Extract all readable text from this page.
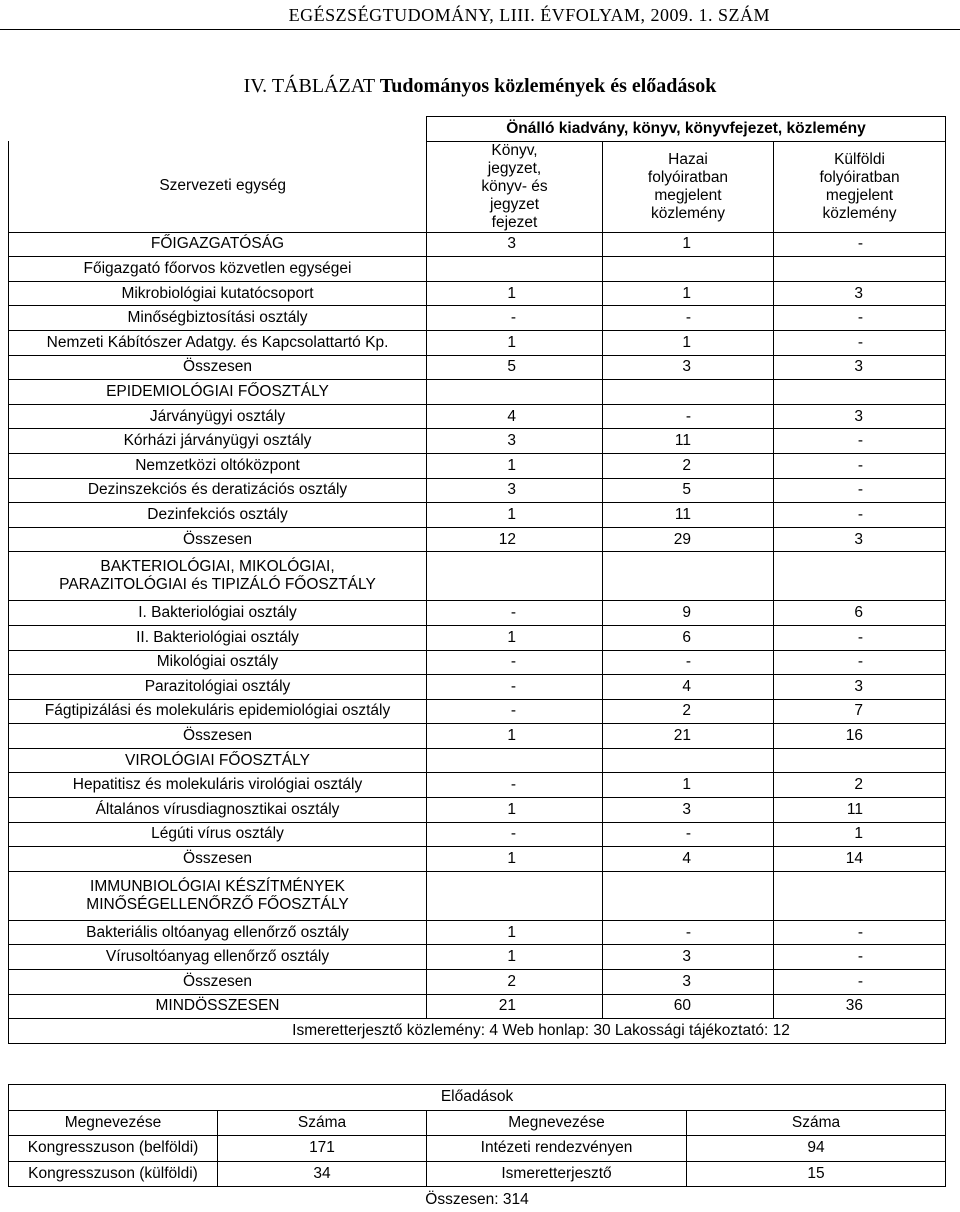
EGÉSZSÉGTUDOMÁNY, LIII. ÉVFOLYAM, 2009. 1. SZÁM
IV. TÁBLÁZAT Tudományos közlemények és előadások
	Önálló kiadvány, könyv, könyvfejezet, közlemény		
Szervezeti egység	Könyv, jegyzet, könyv- és jegyzet fejezet	Hazai folyóiratban megjelent közlemény	Külföldi folyóiratban megjelent közlemény
FŐIGAZGATÓSÁG	3	1	-
Főigazgató főorvos közvetlen egységei			
Mikrobiológiai kutatócsoport	1	1	3
Minőségbiztosítási osztály	-	-	-
Nemzeti Kábítószer Adatgy. és Kapcsolattartó Kp.	1	1	-
Összesen	5	3	3
EPIDEMIOLÓGIAI FŐOSZTÁLY			
Járványügyi osztály	4	-	3
Kórházi járványügyi osztály	3	11	-
Nemzetközi oltóközpont	1	2	-
Dezinszekciós és deratizációs osztály	3	5	-
Dezinfekciós osztály	1	11	-
Összesen	12	29	3
BAKTERIOLÓGIAI, MIKOLÓGIAI,
PARAZITOLÓGIAI és TIPIZÁLÓ FŐOSZTÁLY			
I. Bakteriológiai osztály	-	9	6
II. Bakteriológiai osztály	1	6	-
Mikológiai osztály	-	-	-
Parazitológiai osztály	-	4	3
Fágtipizálási és molekuláris epidemiológiai osztály	-	2	7
Összesen	1	21	16
VIROLÓGIAI FŐOSZTÁLY			
Hepatitisz és molekuláris virológiai osztály	-	1	2
Általános vírusdiagnosztikai osztály	1	3	11
Légúti vírus osztály	-	-	1
Összesen	1	4	14
IMMUNBIOLÓGIAI KÉSZÍTMÉNYEK
MINŐSÉGELLENŐRZŐ FŐOSZTÁLY			
Bakteriális oltóanyag ellenőrző osztály	1	-	-
Vírusoltóanyag ellenőrző osztály	1	3	-
Összesen	2	3	-
MINDÖSSZESEN	21	60	36
Ismeretterjesztő közlemény: 4 Web honlap: 30 Lakossági tájékoztató: 12			
Előadások			
Megnevezése	Száma	Megnevezése	Száma
Kongresszuson (belföldi)	171	Intézeti rendezvényen	94
Kongresszuson (külföldi)	34	Ismeretterjesztő	15
Összesen: 314			
